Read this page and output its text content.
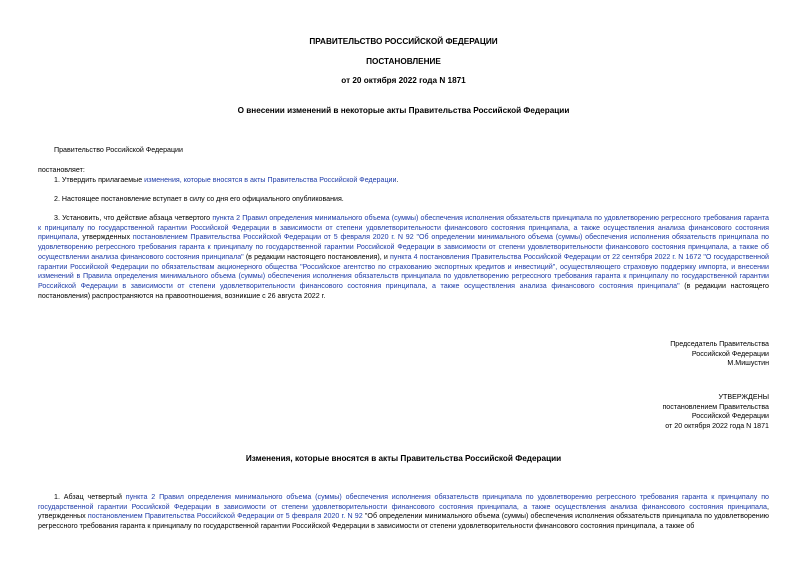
ПРАВИТЕЛЬСТВО РОССИЙСКОЙ ФЕДЕРАЦИИ
ПОСТАНОВЛЕНИЕ
от 20 октября 2022 года N 1871
О внесении изменений в некоторые акты Правительства Российской Федерации
Правительство Российской Федерации
постановляет:
1. Утвердить прилагаемые изменения, которые вносятся в акты Правительства Российской Федерации.
2. Настоящее постановление вступает в силу со дня его официального опубликования.
3. Установить, что действие абзаца четвертого пункта 2 Правил определения минимального объема (суммы) обеспечения исполнения обязательств принципала по удовлетворению регрессного требования гаранта к принципалу по государственной гарантии Российской Федерации в зависимости от степени удовлетворительности финансового состояния принципала, а также осуществления анализа финансового состояния принципала, утвержденных постановлением Правительства Российской Федерации от 5 февраля 2020 г. N 92 "Об определении минимального объема (суммы) обеспечения исполнения обязательств принципала по удовлетворению регрессного требования гаранта к принципалу по государственной гарантии Российской Федерации в зависимости от степени удовлетворительности финансового состояния принципала, а также об осуществлении анализа финансового состояния принципала" (в редакции настоящего постановления), и пункта 4 постановления Правительства Российской Федерации от 22 сентября 2022 г. N 1672 "О государственной гарантии Российской Федерации по обязательствам акционерного общества "Российское агентство по страхованию экспортных кредитов и инвестиций", осуществляющего страховую поддержку импорта, и внесении изменений в Правила определения минимального объема (суммы) обеспечения исполнения обязательств принципала по удовлетворению регрессного требования гаранта к принципалу по государственной гарантии Российской Федерации в зависимости от степени удовлетворительности финансового состояния принципала, а также осуществления анализа финансового состояния принципала" (в редакции настоящего постановления) распространяются на правоотношения, возникшие с 26 августа 2022 г.
Председатель Правительства
Российской Федерации
М.Мишустин
УТВЕРЖДЕНЫ
постановлением Правительства
Российской Федерации
от 20 октября 2022 года N 1871
Изменения, которые вносятся в акты Правительства Российской Федерации
1. Абзац четвертый пункта 2 Правил определения минимального объема (суммы) обеспечения исполнения обязательств принципала по удовлетворению регрессного требования гаранта к принципалу по государственной гарантии Российской Федерации в зависимости от степени удовлетворительности финансового состояния принципала, а также осуществления анализа финансового состояния принципала, утвержденных постановлением Правительства Российской Федерации от 5 февраля 2020 г. N 92 "Об определении минимального объема (суммы) обеспечения исполнения обязательств принципала по удовлетворению регрессного требования гаранта к принципалу по государственной гарантии Российской Федерации в зависимости от степени удовлетворительности финансового состояния принципала, а также об
